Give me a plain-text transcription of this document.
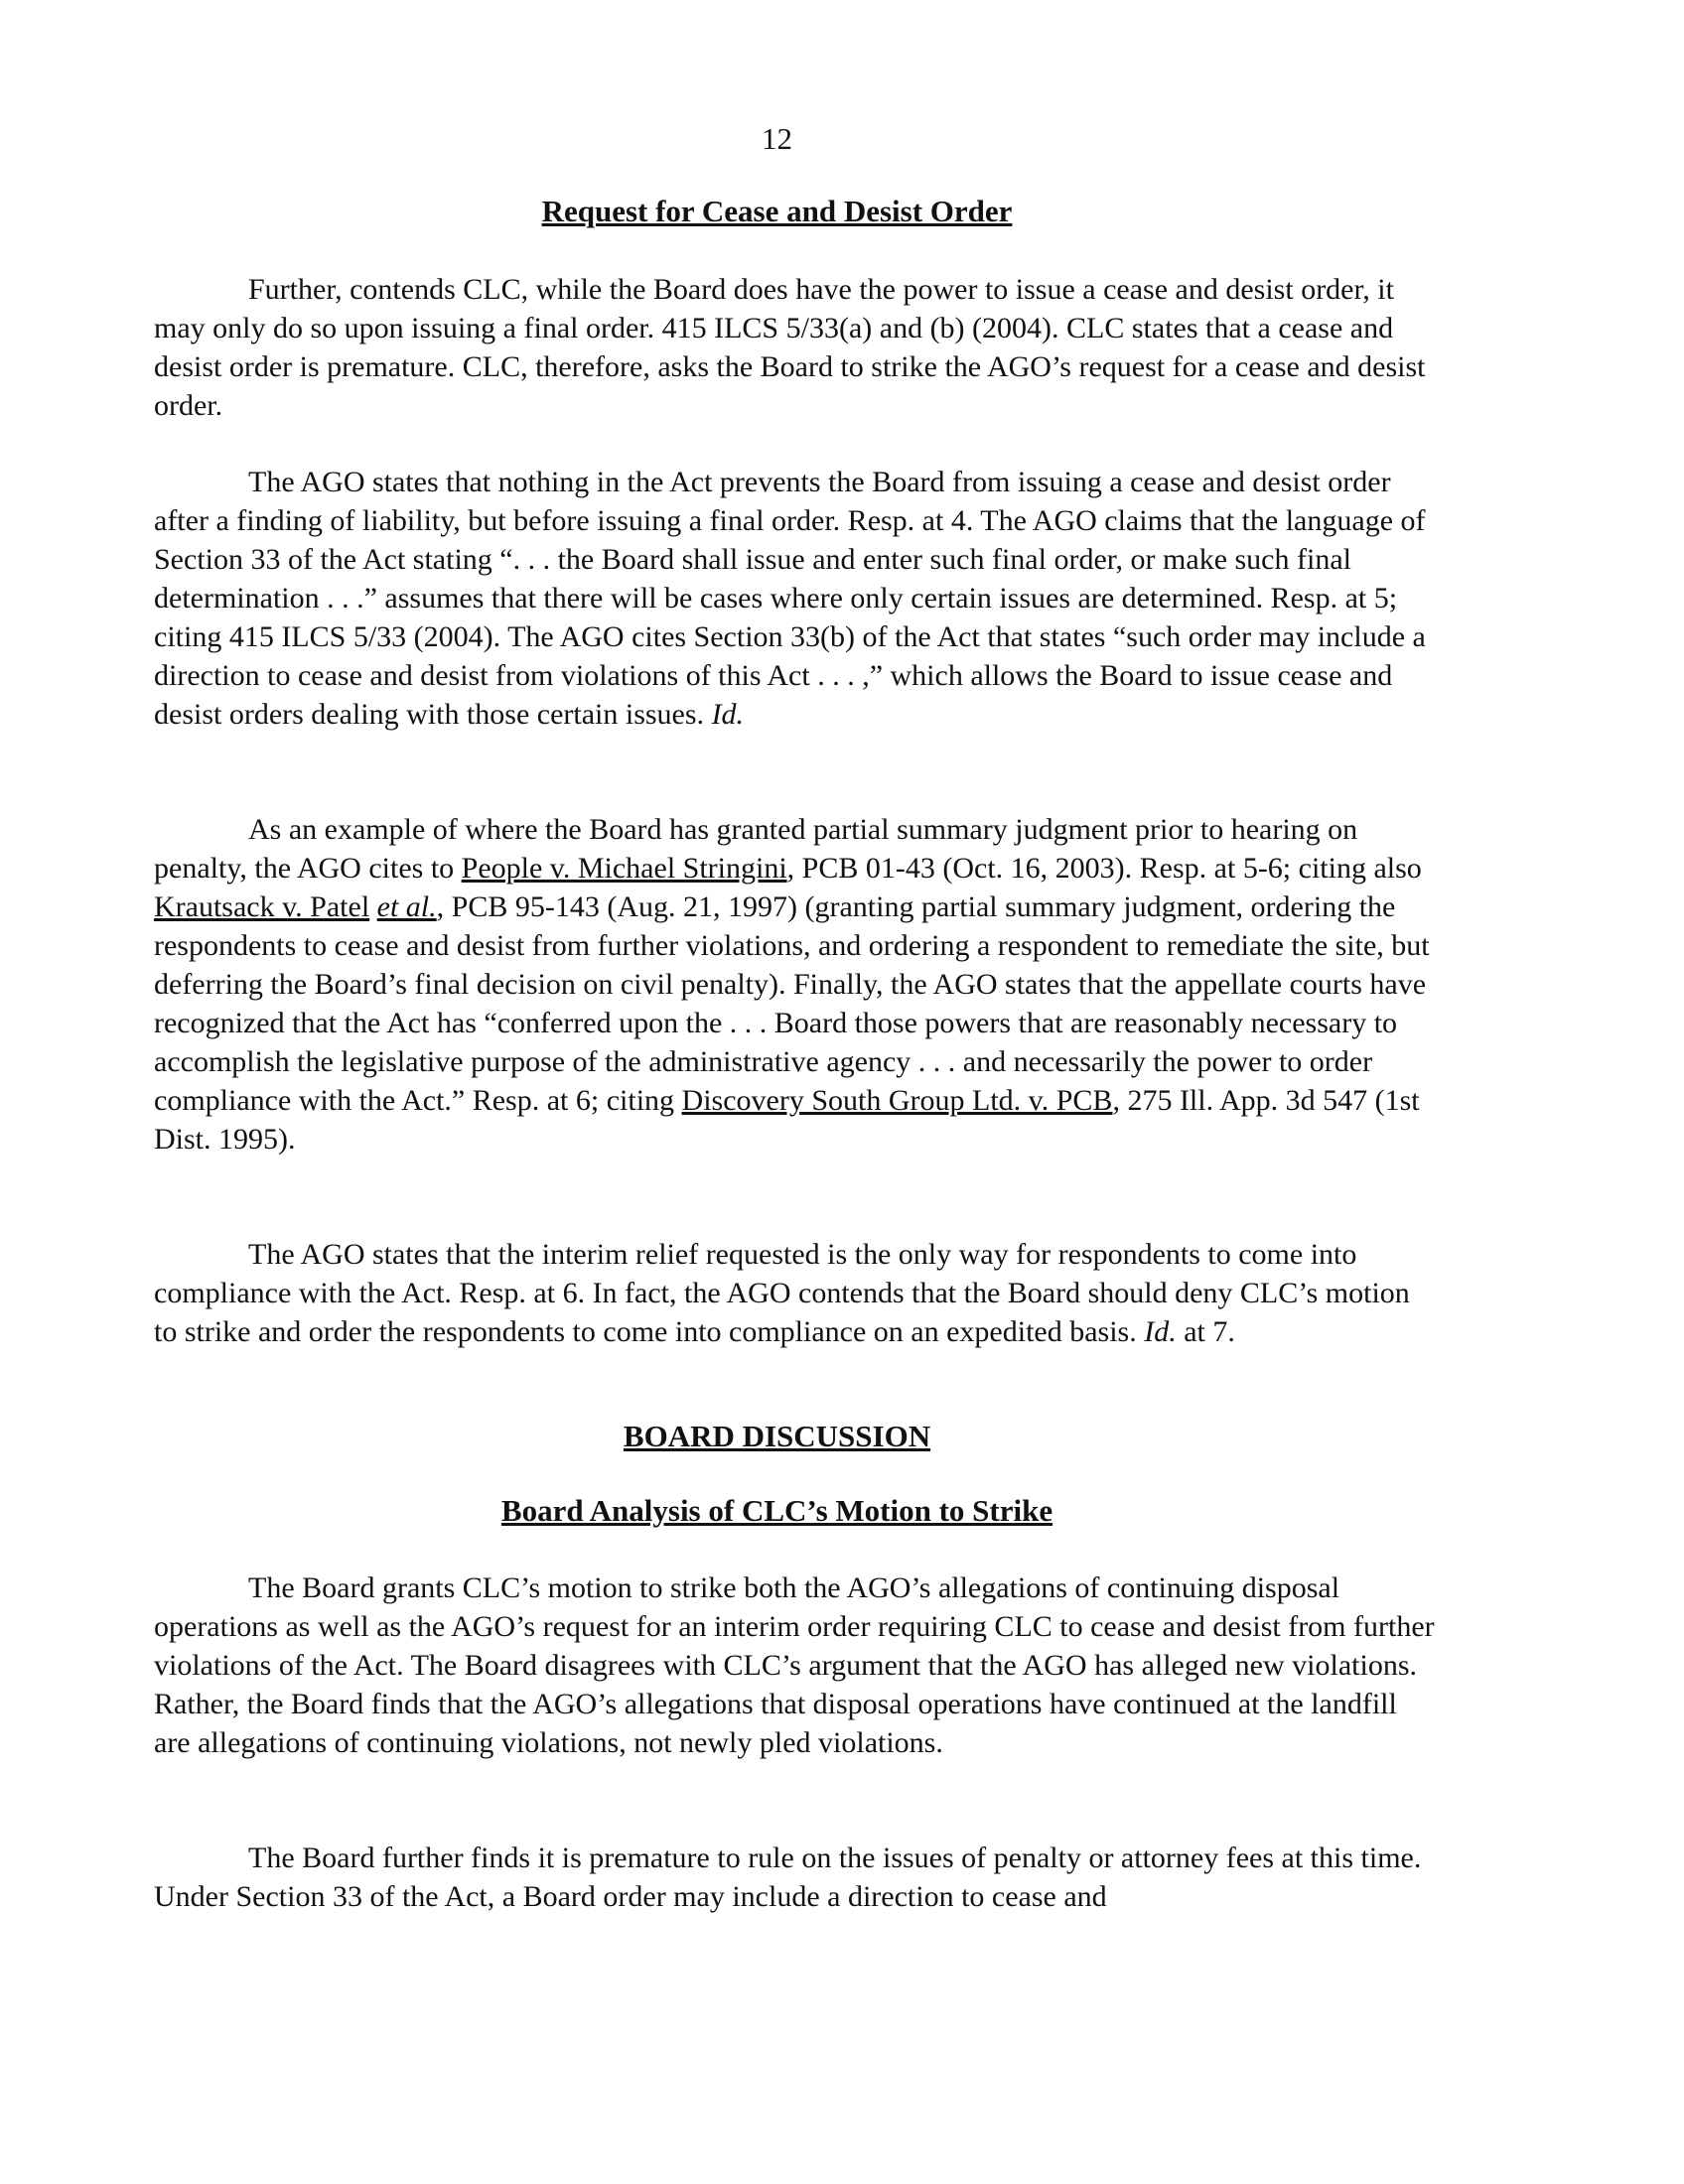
12
Request for Cease and Desist Order

Further, contends CLC, while the Board does have the power to issue a cease and desist order, it may only do so upon issuing a final order. 415 ILCS 5/33(a) and (b) (2004). CLC states that a cease and desist order is premature. CLC, therefore, asks the Board to strike the AGO’s request for a cease and desist order.

The AGO states that nothing in the Act prevents the Board from issuing a cease and desist order after a finding of liability, but before issuing a final order. Resp. at 4. The AGO claims that the language of Section 33 of the Act stating “. . . the Board shall issue and enter such final order, or make such final determination . . .” assumes that there will be cases where only certain issues are determined. Resp. at 5; citing 415 ILCS 5/33 (2004). The AGO cites Section 33(b) of the Act that states “such order may include a direction to cease and desist from violations of this Act . . . ,” which allows the Board to issue cease and desist orders dealing with those certain issues. Id.

As an example of where the Board has granted partial summary judgment prior to hearing on penalty, the AGO cites to People v. Michael Stringini, PCB 01-43 (Oct. 16, 2003). Resp. at 5-6; citing also Krautsack v. Patel et al., PCB 95-143 (Aug. 21, 1997) (granting partial summary judgment, ordering the respondents to cease and desist from further violations, and ordering a respondent to remediate the site, but deferring the Board’s final decision on civil penalty). Finally, the AGO states that the appellate courts have recognized that the Act has “conferred upon the . . . Board those powers that are reasonably necessary to accomplish the legislative purpose of the administrative agency . . . and necessarily the power to order compliance with the Act.” Resp. at 6; citing Discovery South Group Ltd. v. PCB, 275 Ill. App. 3d 547 (1st Dist. 1995).

The AGO states that the interim relief requested is the only way for respondents to come into compliance with the Act. Resp. at 6. In fact, the AGO contends that the Board should deny CLC’s motion to strike and order the respondents to come into compliance on an expedited basis. Id. at 7.

BOARD DISCUSSION
Board Analysis of CLC’s Motion to Strike

The Board grants CLC’s motion to strike both the AGO’s allegations of continuing disposal operations as well as the AGO’s request for an interim order requiring CLC to cease and desist from further violations of the Act. The Board disagrees with CLC’s argument that the AGO has alleged new violations. Rather, the Board finds that the AGO’s allegations that disposal operations have continued at the landfill are allegations of continuing violations, not newly pled violations.

The Board further finds it is premature to rule on the issues of penalty or attorney fees at this time. Under Section 33 of the Act, a Board order may include a direction to cease and
